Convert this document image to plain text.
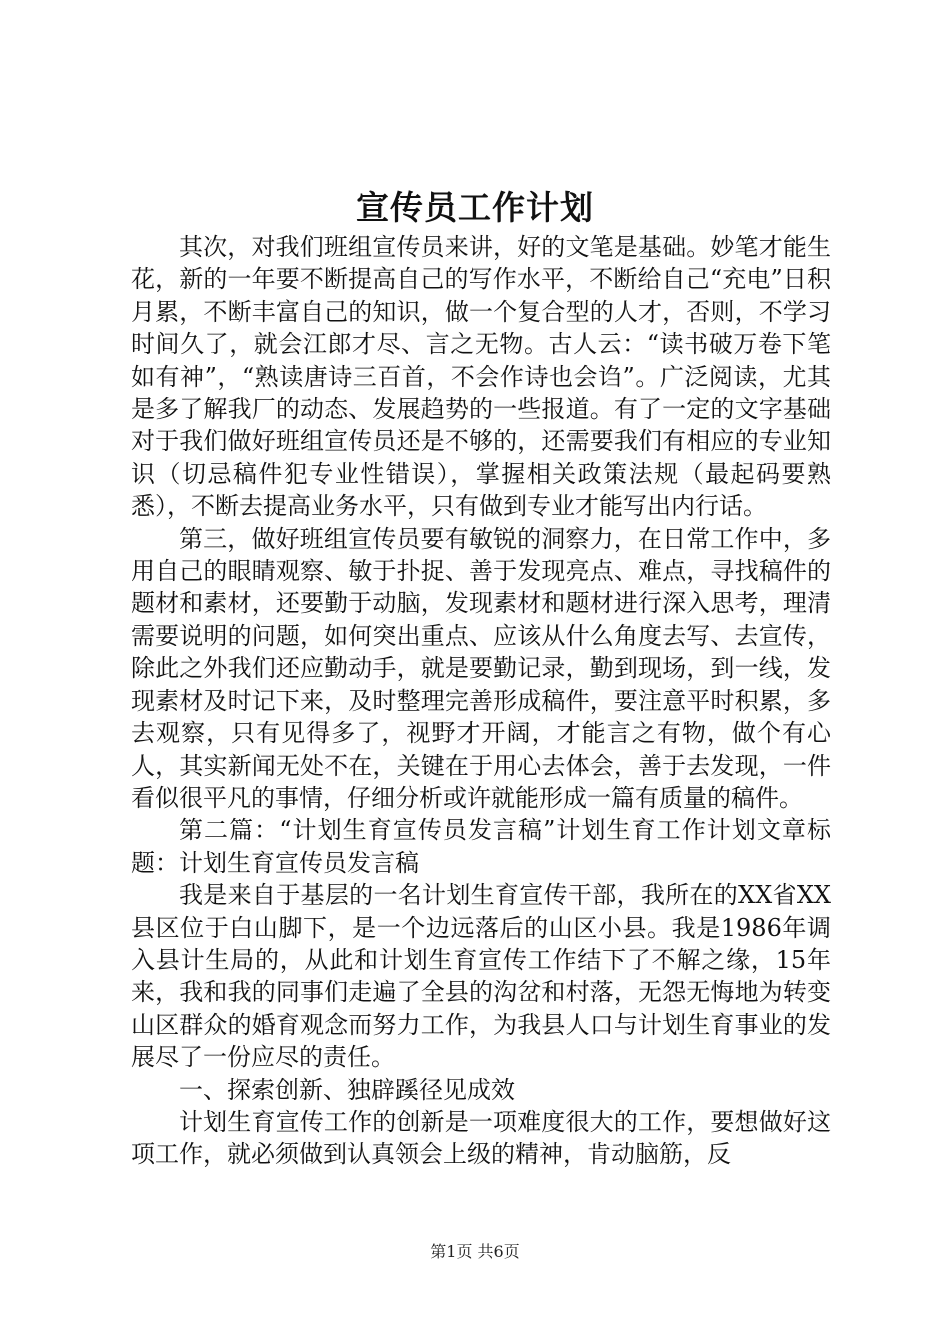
宣传员工作计划

其次，对我们班组宣传员来讲，好的文笔是基础。妙笔才能生花，新的一年要不断提高自己的写作水平，不断给自己“充电”日积月累，不断丰富自己的知识，做一个复合型的人才，否则，不学习时间久了，就会江郎才尽、言之无物。古人云：“读书破万卷下笔如有神”，“熟读唐诗三百首，不会作诗也会诌”。广泛阅读，尤其是多了解我厂的动态、发展趋势的一些报道。有了一定的文字基础对于我们做好班组宣传员还是不够的，还需要我们有相应的专业知识（切忌稿件犯专业性错误），掌握相关政策法规（最起码要熟悉），不断去提高业务水平，只有做到专业才能写出内行话。

第三，做好班组宣传员要有敏锐的洞察力，在日常工作中，多用自己的眼睛观察、敏于扑捉、善于发现亮点、难点，寻找稿件的题材和素材，还要勤于动脑，发现素材和题材进行深入思考，理清需要说明的问题，如何突出重点、应该从什么角度去写、去宣传，除此之外我们还应勤动手，就是要勤记录，勤到现场，到一线，发现素材及时记下来，及时整理完善形成稿件，要注意平时积累，多去观察，只有见得多了，视野才开阔，才能言之有物，做个有心人，其实新闻无处不在，关键在于用心去体会，善于去发现，一件看似很平凡的事情，仔细分析或许就能形成一篇有质量的稿件。

第二篇：“计划生育宣传员发言稿”计划生育工作计划文章标题：计划生育宣传员发言稿

我是来自于基层的一名计划生育宣传干部，我所在的XX省XX县区位于白山脚下，是一个边远落后的山区小县。我是1986年调入县计生局的，从此和计划生育宣传工作结下了不解之缘，15年来，我和我的同事们走遍了全县的沟岔和村落，无怨无悔地为转变山区群众的婚育观念而努力工作，为我县人口与计划生育事业的发展尽了一份应尽的责任。

一、探索创新、独辟蹊径见成效

计划生育宣传工作的创新是一项难度很大的工作，要想做好这项工作，就必须做到认真领会上级的精神，肯动脑筋，反

第1页 共6页
